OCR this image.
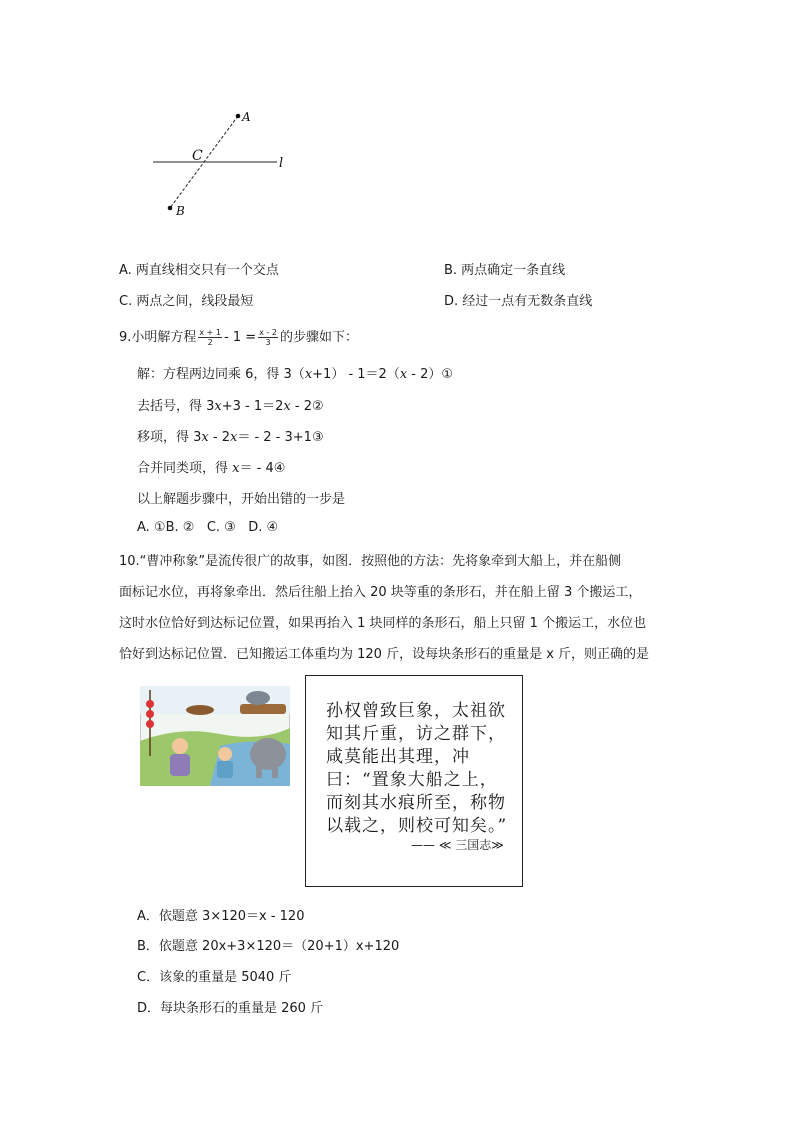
A
B
C	l
A. 两直线相交只有一个交点	B. 两点确定一条直线
C. 两点之间，线段最短	D. 经过一点有无数条直线
9.小明解方程 $\frac{x + 1}{2} - 1 = \frac{x - 2}{3}$ 的步骤如下：
解：方程两边同乘 6，得 3（x+1） - 1＝2（x - 2）①
去括号，得 3x+3 - 1＝2x - 2②
移项，得 3x - 2x＝ - 2 - 3+1③
合并同类项，得 x＝ - 4④
以上解题步骤中，开始出错的一步是
A. ①B. ②   C. ③   D. ④
10.“曹冲称象”是流传很广的故事，如图．按照他的方法：先将象牵到大船上，并在船侧
面标记水位，再将象牵出．然后往船上抬入 20 块等重的条形石，并在船上留 3 个搬运工，
这时水位恰好到达标记位置，如果再抬入 1 块同样的条形石，船上只留 1 个搬运工，水位也
恰好到达标记位置．已知搬运工体重均为 120 斤，设每块条形石的重量是 x 斤，则正确的是
孙权曾致巨象，太祖欲
知其斤重，访之群下，
咸莫能出其理，冲
曰：“置象大船之上，
而刻其水痕所至，称物
以载之，则校可知矣。”
—— ≪ 三国志≫
A．依题意 3×120＝x - 120
B．依题意 20x+3×120＝（20+1）x+120
C．该象的重量是 5040 斤
D．每块条形石的重量是 260 斤
